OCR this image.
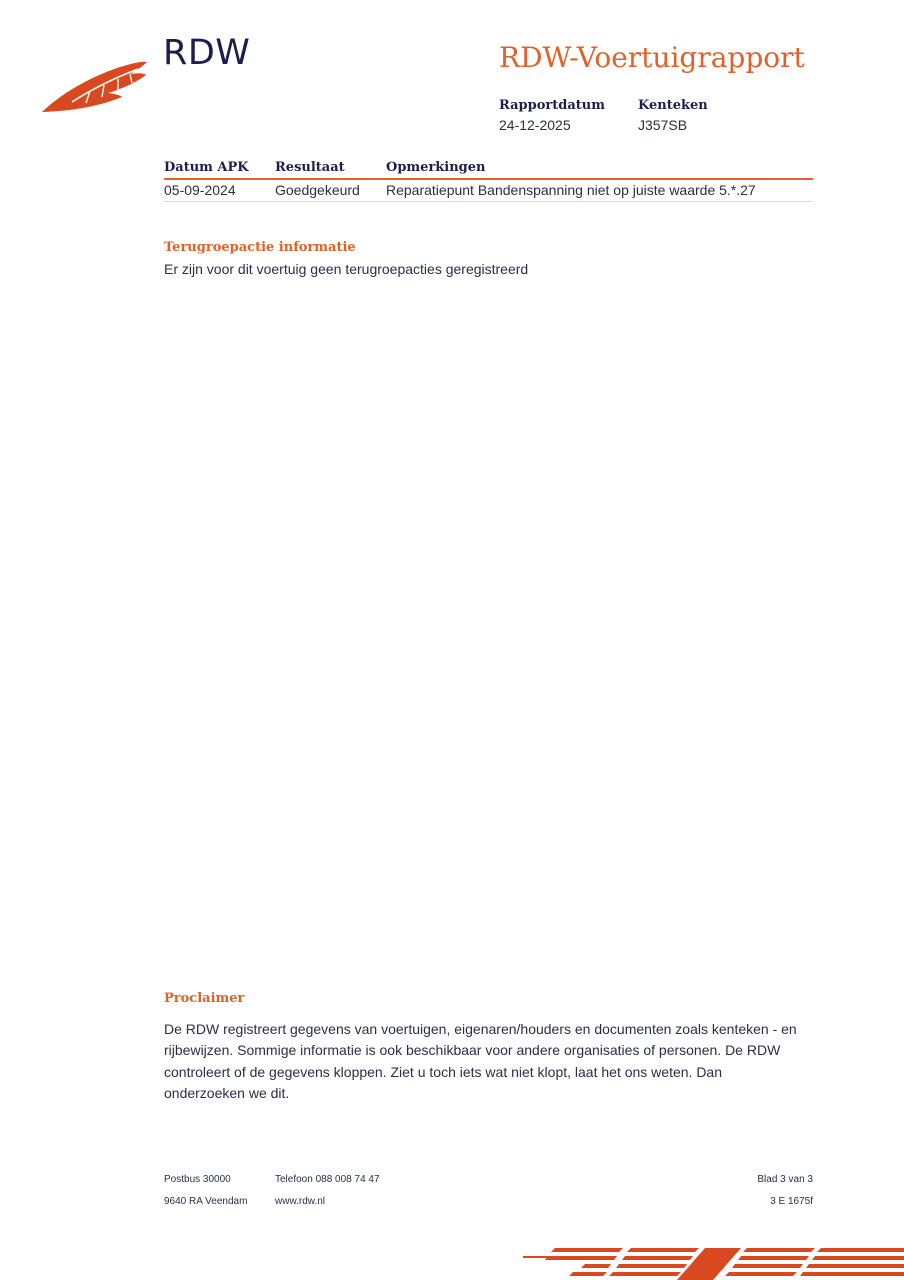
RDW	RDW-Voertuigrapport
Rapportdatum
24-12-2025
Kenteken
J357SB
Datum APK	Resultaat	Opmerkingen
05-09-2024	Goedgekeurd	Reparatiepunt Bandenspanning niet op juiste waarde 5.*.27
Terugroepactie informatie
Er zijn voor dit voertuig geen terugroepacties geregistreerd
Proclaimer
De RDW registreert gegevens van voertuigen, eigenaren/houders en documenten zoals kenteken - en rijbewijzen. Sommige informatie is ook beschikbaar voor andere organisaties of personen. De RDW controleert of de gegevens kloppen. Ziet u toch iets wat niet klopt, laat het ons weten. Dan onderzoeken we dit.
Postbus 30000
9640 RA Veendam
Telefoon 088 008 74 47
www.rdw.nl
Blad 3 van 3
3 E 1675f
